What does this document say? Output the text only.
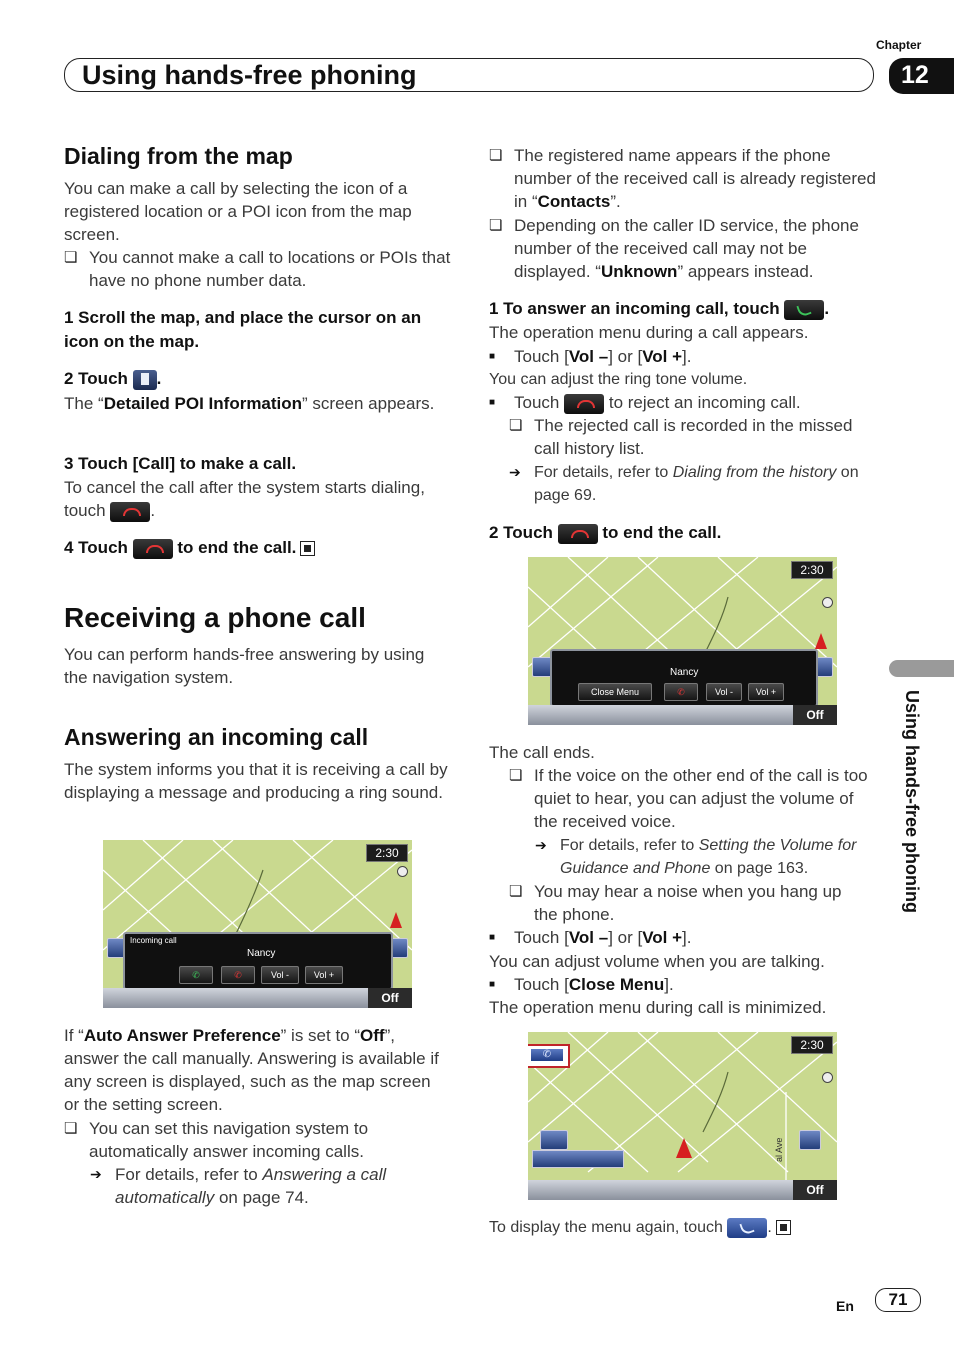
Chapter
Using hands-free phoning	12
Dialing from the map
You can make a call by selecting the icon of a registered location or a POI icon from the map screen.
❏ You cannot make a call to locations or POIs that have no phone number data.
1 Scroll the map, and place the cursor on an icon on the map.
2 Touch .
The “Detailed POI Information” screen appears.
3 Touch [Call] to make a call.
To cancel the call after the system starts dialing, touch	.
4 Touch	to end the call.
Receiving a phone call
You can perform hands-free answering by using the navigation system.
Answering an incoming call
The system informs you that it is receiving a call by displaying a message and producing a ring sound.
2:30
Incoming call
Nancy
✆	✆	Vol -	Vol +
Off
If “Auto Answer Preference” is set to “Off”, answer the call manually. Answering is available if any screen is displayed, such as the map screen or the setting screen.
❏ You can set this navigation system to automatically answer incoming calls.
➔ For details, refer to Answering a call automatically on page 74.
❏ The registered name appears if the phone number of the received call is already registered in “Contacts”.
❏ Depending on the caller ID service, the phone number of the received call may not be displayed. “Unknown” appears instead.
1 To answer an incoming call, touch	.
The operation menu during a call appears.
■ Touch [Vol –] or [Vol +].
You can adjust the ring tone volume.
■ Touch	to reject an incoming call.
❏ The rejected call is recorded in the missed call history list.
➔ For details, refer to Dialing from the history on page 69.
2 Touch	to end the call.
2:30
Nancy
Close Menu	✆	Vol -	Vol +
Off
The call ends.
❏ If the voice on the other end of the call is too quiet to hear, you can adjust the volume of the received voice.
➔ For details, refer to Setting the Volume for Guidance and Phone on page 163.
❏ You may hear a noise when you hang up the phone.
■ Touch [Vol –] or [Vol +].
You can adjust volume when you are talking.
■ Touch [Close Menu].
The operation menu during call is minimized.
✆
2:30
al Ave
Off
To display the menu again, touch	.
Using hands-free phoning
En	71
